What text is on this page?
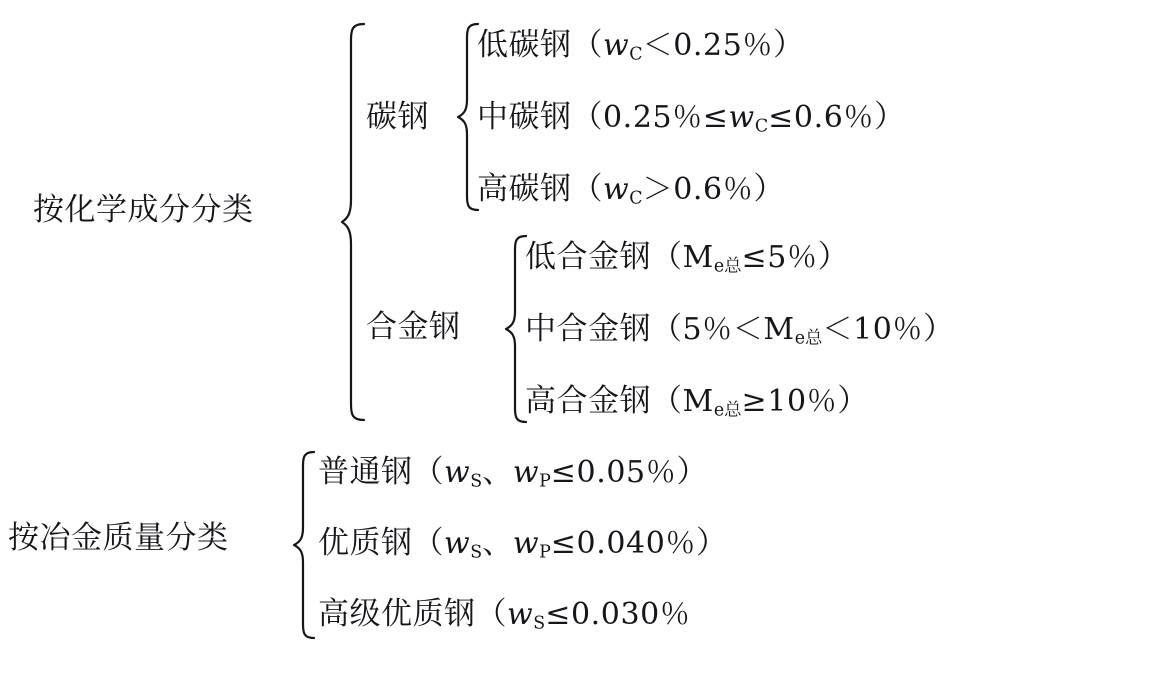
按化学成分分类
按冶金质量分类
碳钢
合金钢
低碳钢（$w_C<0.25$％）
中碳钢（0.25％$\le w_C\le 0.6$％）
高碳钢（$w_C>0.6$％）
低合金钢（$M_{e总}\le 5$％）
中合金钢（5％$<M_{e总}<10$％）
高合金钢（$M_{e总}\ge 10$％）
普通钢（$w_S$、$w_P\le 0.05$％）
优质钢（$w_S$、$w_P\le 0.040$％）
高级优质钢（$w_S\le 0.030$％
